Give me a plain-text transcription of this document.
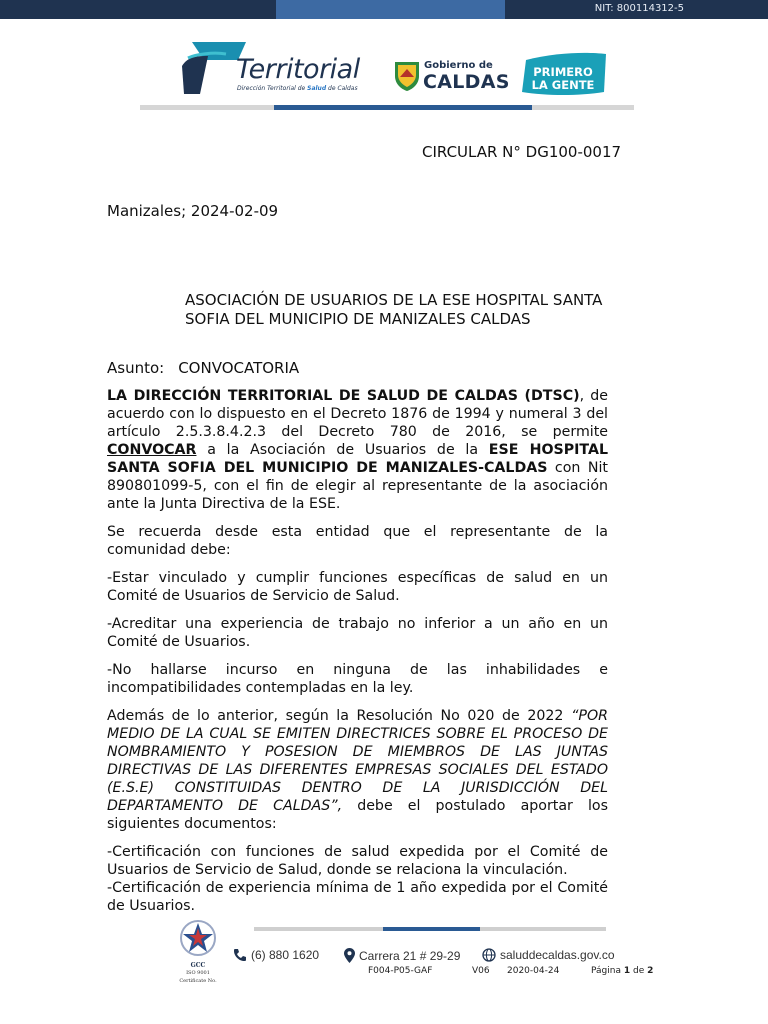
NIT: 800114312-5
Territorial
Dirección Territorial de Salud de Caldas
Gobierno de
CALDAS	PRIMERO
LA GENTE
CIRCULAR N° DG100-0017
Manizales; 2024-02-09
ASOCIACIÓN DE USUARIOS DE LA ESE HOSPITAL SANTA SOFIA DEL MUNICIPIO DE MANIZALES CALDAS
Asunto: CONVOCATORIA

LA DIRECCIÓN TERRITORIAL DE SALUD DE CALDAS (DTSC), de acuerdo con lo dispuesto en el Decreto 1876 de 1994 y numeral 3 del artículo 2.5.3.8.4.2.3 del Decreto 780 de 2016, se permite CONVOCAR a la Asociación de Usuarios de la ESE HOSPITAL SANTA SOFIA DEL MUNICIPIO DE MANIZALES-CALDAS con Nit 890801099-5, con el fin de elegir al representante de la asociación ante la Junta Directiva de la ESE.

Se recuerda desde esta entidad que el representante de la comunidad debe:

-Estar vinculado y cumplir funciones específicas de salud en un Comité de Usuarios de Servicio de Salud.

-Acreditar una experiencia de trabajo no inferior a un año en un Comité de Usuarios.

-No hallarse incurso en ninguna de las inhabilidades e incompatibilidades contempladas en la ley.

Además de lo anterior, según la Resolución No 020 de 2022 “POR MEDIO DE LA CUAL SE EMITEN DIRECTRICES SOBRE EL PROCESO DE NOMBRAMIENTO Y POSESION DE MIEMBROS DE LAS JUNTAS DIRECTIVAS DE LAS DIFERENTES EMPRESAS SOCIALES DEL ESTADO (E.S.E) CONSTITUIDAS DENTRO DE LA JURISDICCIÓN DEL DEPARTAMENTO DE CALDAS”, debe el postulado aportar los siguientes documentos:

-Certificación con funciones de salud expedida por el Comité de Usuarios de Servicio de Salud, donde se relaciona la vinculación.

-Certificación de experiencia mínima de 1 año expedida por el Comité de Usuarios.

GCC
ISO 9001
Certificate No.
(6) 880 1620	Carrera 21 # 29-29	saluddecaldas.gov.co
F004-P05-GAF	V06 2020-04-24	Página 1 de 2
